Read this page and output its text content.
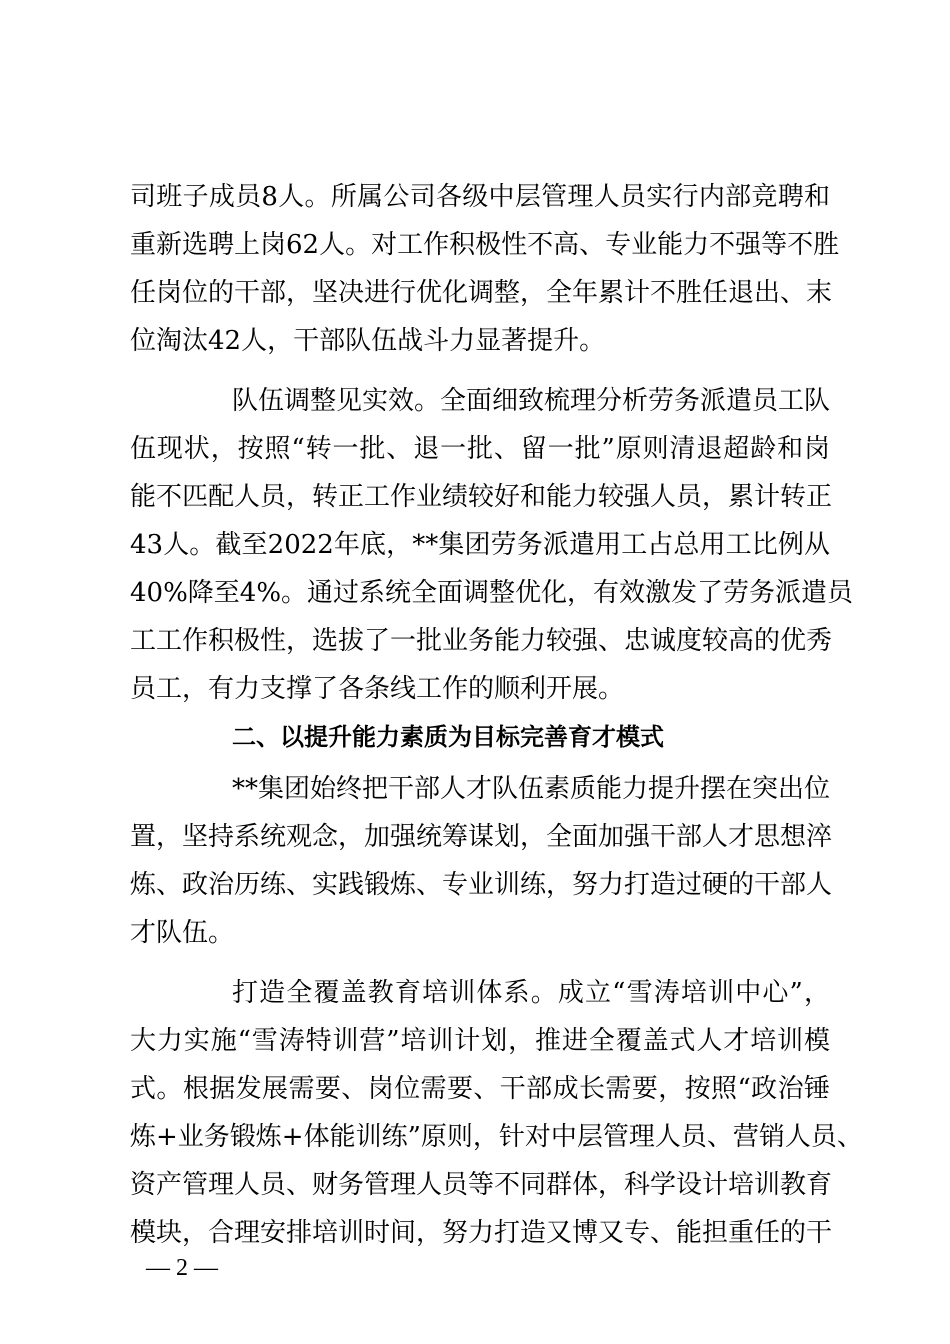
司班子成员8人。所属公司各级中层管理人员实行内部竞聘和
重新选聘上岗62人。对工作积极性不高、专业能力不强等不胜
任岗位的干部，坚决进行优化调整，全年累计不胜任退出、末
位淘汰42人，干部队伍战斗力显著提升。
队伍调整见实效。全面细致梳理分析劳务派遣员工队
伍现状，按照“转一批、退一批、留一批”原则清退超龄和岗
能不匹配人员，转正工作业绩较好和能力较强人员，累计转正
43人。截至2022年底，**集团劳务派遣用工占总用工比例从
40%降至4%。通过系统全面调整优化，有效激发了劳务派遣员
工工作积极性，选拔了一批业务能力较强、忠诚度较高的优秀
员工，有力支撑了各条线工作的顺利开展。
二、以提升能力素质为目标完善育才模式
**集团始终把干部人才队伍素质能力提升摆在突出位
置，坚持系统观念，加强统筹谋划，全面加强干部人才思想淬
炼、政治历练、实践锻炼、专业训练，努力打造过硬的干部人
才队伍。
打造全覆盖教育培训体系。成立“雪涛培训中心”，
大力实施“雪涛特训营”培训计划，推进全覆盖式人才培训模
式。根据发展需要、岗位需要、干部成长需要，按照“政治锤
炼+业务锻炼+体能训练”原则，针对中层管理人员、营销人员、
资产管理人员、财务管理人员等不同群体，科学设计培训教育
模块，合理安排培训时间，努力打造又博又专、能担重任的干
— 2 —
